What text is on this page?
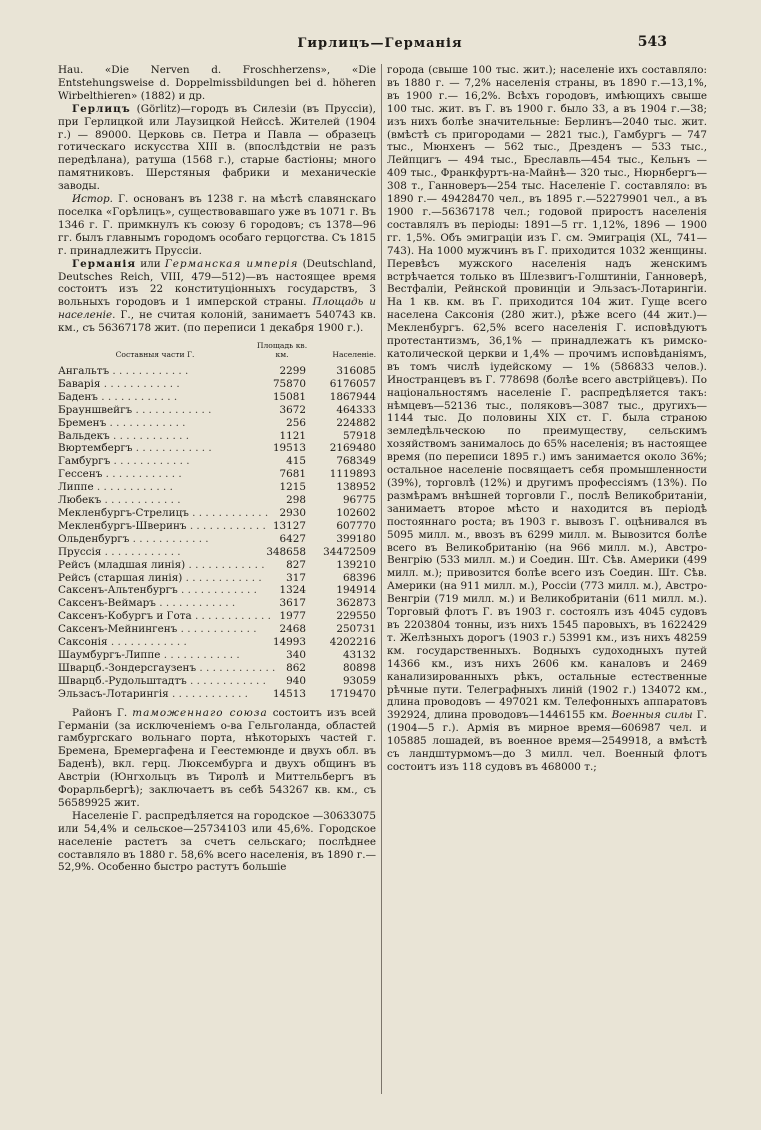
Гирлицъ—Германія	543

Hau. «Die Nerven d. Froschherzens», «Die Entstehungsweise d. Doppelmissbildungen bei d. höheren Wirbelthieren» (1882) и др.

Герлицъ (Görlitz)—городъ въ Силезіи (въ Пруссіи), при Герлицкой или Лаузицкой Нейссѣ. Жителей (1904 г.) — 89000. Церковь св. Петра и Павла — образецъ готическаго искусства XIII в. (впослѣдствіи не разъ передѣлана), ратуша (1568 г.), старые бастіоны; много памятниковъ. Шерстяныя фабрики и механическіе заводы.

Истор. Г. основанъ въ 1238 г. на мѣстѣ славянскаго поселка «Горѣлицъ», существовавшаго уже въ 1071 г. Въ 1346 г. Г. примкнулъ къ союзу 6 городовъ; съ 1378—96 гг. былъ главнымъ городомъ особаго герцогства. Съ 1815 г. принадлежитъ Пруссіи.

Германія или Германская имперія (Deutschland, Deutsches Reich, VIII, 479—512)—въ настоящее время состоитъ изъ 22 конституціонныхъ государствъ, 3 вольныхъ городовъ и 1 имперской страны. Площадь и населеніе. Г., не считая колоній, занимаетъ 540743 кв. км., съ 56367178 жит. (по переписи 1 декабря 1900 г.).

Составныя части Г.	Площадь кв. км.	Населеніе.
Ангальтъ . . . . . . . . . . . .	2299	316085
Баварія . . . . . . . . . . . .	75870	6176057
Баденъ . . . . . . . . . . . .	15081	1867944
Брауншвейгъ . . . . . . . . . . . .	3672	464333
Бременъ . . . . . . . . . . . .	256	224882
Вальдекъ . . . . . . . . . . . .	1121	57918
Вюртембергъ . . . . . . . . . . . .	19513	2169480
Гамбургъ . . . . . . . . . . . .	415	768349
Гессенъ . . . . . . . . . . . .	7681	1119893
Липпе . . . . . . . . . . . .	1215	138952
Любекъ . . . . . . . . . . . .	298	96775
Мекленбургъ-Стрелицъ . . . . . . . . . . . .	2930	102602
Мекленбургъ-Шверинъ . . . . . . . . . . . .	13127	607770
Ольденбургъ . . . . . . . . . . . .	6427	399180
Пруссія . . . . . . . . . . . .	348658	34472509
Рейсъ (младшая линія) . . . . . . . . . . . .	827	139210
Рейсъ (старшая линія) . . . . . . . . . . . .	317	68396
Саксенъ-Альтенбургъ . . . . . . . . . . . .	1324	194914
Саксенъ-Веймаръ . . . . . . . . . . . .	3617	362873
Саксенъ-Кобургъ и Гота . . . . . . . . . . . .	1977	229550
Саксенъ-Мейнингенъ . . . . . . . . . . . .	2468	250731
Саксонія . . . . . . . . . . . .	14993	4202216
Шаумбургъ-Липпе . . . . . . . . . . . .	340	43132
Шварцб.-Зондерсгаузенъ . . . . . . . . . . . .	862	80898
Шварцб.-Рудольштадтъ . . . . . . . . . . . .	940	93059
Эльзасъ-Лотарингія . . . . . . . . . . . .	14513	1719470

Районъ Г. таможеннаго союза состоитъ изъ всей Германіи (за исключеніемъ о-ва Гельголанда, областей гамбургскаго вольнаго порта, нѣкоторыхъ частей г. Бремена, Бремергафена и Геестемюнде и двухъ обл. въ Баденѣ), вкл. герц. Люксембурга и двухъ общинъ въ Австріи (Юнгхольцъ въ Тиролѣ и Миттельбергъ въ Форарльбергѣ); заключаетъ въ себѣ 543267 кв. км., съ 56589925 жит.

Населеніе Г. распредѣляется на городское —30633075 или 54,4% и сельское—25734103 или 45,6%. Городское населеніе растетъ за счетъ сельскаго; послѣднее составляло въ 1880 г. 58,6% всего населенія, въ 1890 г.— 52,9%. Особенно быстро растутъ большіе

города (свыше 100 тыс. жит.); населеніе ихъ составляло: въ 1880 г. — 7,2% населенія страны, въ 1890 г.—13,1%, въ 1900 г.— 16,2%. Всѣхъ городовъ, имѣющихъ свыше 100 тыс. жит. въ Г. въ 1900 г. было 33, а въ 1904 г.—38; изъ нихъ болѣе значительные: Берлинъ—2040 тыс. жит. (вмѣстѣ съ пригородами — 2821 тыс.), Гамбургъ — 747 тыс., Мюнхенъ — 562 тыс., Дрезденъ — 533 тыс., Лейпцигъ — 494 тыс., Бреславль—454 тыс., Кельнъ — 409 тыс., Франкфуртъ-на-Майнѣ— 320 тыс., Нюрнбергъ—308 т., Ганноверъ—254 тыс. Населеніе Г. составляло: въ 1890 г.— 49428470 чел., въ 1895 г.—52279901 чел., а въ 1900 г.—56367178 чел.; годовой прироcтъ населенія составлялъ въ періоды: 1891—5 гг. 1,12%, 1896 — 1900 гг. 1,5%. Объ эмиграціи изъ Г. см. Эмиграція (XL, 741—743). На 1000 мужчинъ въ Г. приходится 1032 женщины. Перевѣсъ мужского населенія надъ женскимъ встрѣчается только въ Шлезвигъ-Голштиніи, Ганноверѣ, Вестфаліи, Рейнской провинціи и Эльзасъ-Лотарингіи. На 1 кв. км. въ Г. приходится 104 жит. Гуще всего населена Саксонія (280 жит.), рѣже всего (44 жит.)—Мекленбургъ. 62,5% всего населенія Г. исповѣдуютъ протестантизмъ, 36,1% — принадлежатъ къ римско-католической церкви и 1,4% — прочимъ исповѣданіямъ, въ томъ числѣ іудейскому — 1% (586833 челов.). Иностранцевъ въ Г. 778698 (болѣе всего австрійцевъ). По національностямъ населеніе Г. распредѣляется такъ: нѣмцевъ—52136 тыс., поляковъ—3087 тыс., другихъ—1144 тыс. До половины XIX ст. Г. была страною земледѣльческою по преимуществу, сельскимъ хозяйствомъ занималось до 65% населенія; въ настоящее время (по переписи 1895 г.) имъ занимается около 36%; остальное населеніе посвящаетъ себя промышленности (39%), торговлѣ (12%) и другимъ профессіямъ (13%). По размѣрамъ внѣшней торговли Г., послѣ Великобританіи, занимаетъ второе мѣсто и находится въ періодѣ постояннаго роста; въ 1903 г. вывозъ Г. оцѣнивался въ 5095 милл. м., ввозъ въ 6299 милл. м. Вывозится болѣе всего въ Великобританію (на 966 милл. м.), Австро-Венгрію (533 милл. м.) и Соедин. Шт. Сѣв. Америки (499 милл. м.); привозится болѣе всего изъ Соедин. Шт. Сѣв. Америки (на 911 милл. м.), Россіи (773 милл. м.), Австро-Венгріи (719 милл. м.) и Великобританіи (611 милл. м.). Торговый флотъ Г. въ 1903 г. состоялъ изъ 4045 судовъ въ 2203804 тонны, изъ нихъ 1545 паровыхъ, въ 1622429 т. Желѣзныхъ дорогъ (1903 г.) 53991 км., изъ нихъ 48259 км. государственныхъ. Водныхъ судоходныхъ путей 14366 км., изъ нихъ 2606 км. каналовъ и 2469 канализированныхъ рѣкъ, остальные естественные рѣчные пути. Телеграфныхъ линій (1902 г.) 134072 км., длина проводовъ — 497021 км. Телефонныхъ аппаратовъ 392924, длина проводовъ—1446155 км. Военныя силы Г. (1904—5 г.). Армія въ мирное время—606987 чел. и 105885 лошадей, въ военное время—2549918, а вмѣстѣ съ ландштурмомъ—до 3 милл. чел. Военный флотъ состоитъ изъ 118 судовъ въ 468000 т.;
